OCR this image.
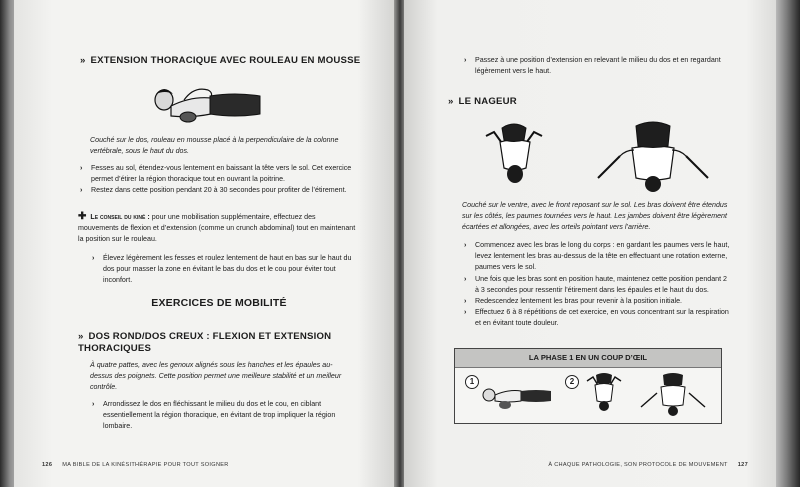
» EXTENSION THORACIQUE AVEC ROULEAU EN MOUSSE
Couché sur le dos, rouleau en mousse placé à la perpendiculaire de la colonne vertébrale, sous le haut du dos.
› Fesses au sol, étendez-vous lentement en baissant la tête vers le sol. Cet exercice permet d’étirer la région thoracique tout en ouvrant la poitrine.
› Restez dans cette position pendant 20 à 30 secondes pour profiter de l’étirement.
✚ Le conseil du kiné : pour une mobilisation supplémentaire, effectuez des mouvements de flexion et d’extension (comme un crunch abdominal) tout en maintenant la position sur le rouleau.
› Élevez légèrement les fesses et roulez lentement de haut en bas sur le haut du dos pour masser la zone en évitant le bas du dos et le cou pour éviter tout inconfort.
EXERCICES DE MOBILITÉ
» DOS ROND/DOS CREUX : FLEXION ET EXTENSION
THORACIQUES
À quatre pattes, avec les genoux alignés sous les hanches et les épaules au-dessus des poignets. Cette position permet une meilleure stabilité et un meilleur contrôle.
› Arrondissez le dos en fléchissant le milieu du dos et le cou, en ciblant essentiellement la région thoracique, en évitant de trop impliquer la région lombaire.
126 MA BIBLE DE LA KINÉSITHÉRAPIE POUR TOUT SOIGNER
› Passez à une position d’extension en relevant le milieu du dos et en regardant légèrement vers le haut.
» LE NAGEUR
Couché sur le ventre, avec le front reposant sur le sol. Les bras doivent être étendus sur les côtés, les paumes tournées vers le haut. Les jambes doivent être légèrement écartées et allongées, avec les orteils pointant vers l’arrière.
› Commencez avec les bras le long du corps : en gardant les paumes vers le haut, levez lentement les bras au-dessus de la tête en effectuant une rotation externe, paumes vers le sol.
› Une fois que les bras sont en position haute, maintenez cette position pendant 2 à 3 secondes pour ressentir l’étirement dans les épaules et le haut du dos.
› Redescendez lentement les bras pour revenir à la position initiale.
› Effectuez 6 à 8 répétitions de cet exercice, en vous concentrant sur la respiration et en évitant toute douleur.
LA PHASE 1 EN UN COUP D’ŒIL
1	2
À CHAQUE PATHOLOGIE, SON PROTOCOLE DE MOUVEMENT 127
